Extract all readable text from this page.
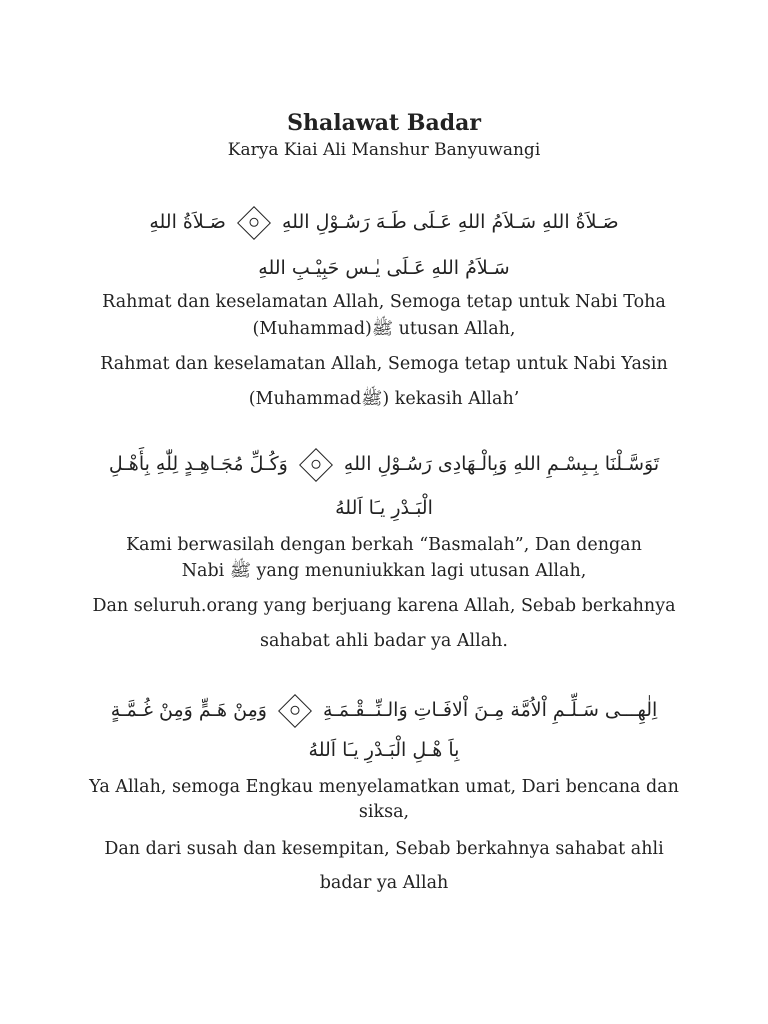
Shalawat Badar

Karya Kiai Ali Manshur Banyuwangi

صَـلاَةُ اللهِ سَـلاَمُ اللهِ عَـلَى طَـهَ رَسُـوْلِ اللهِ  صَـلاَةُ اللهِ
سَـلاَمُ اللهِ عَـلَى يٰـس حَبِيْـبِ اللهِ

Rahmat dan keselamatan Allah, Semoga tetap untuk Nabi Toha

(Muhammad)ﷺ utusan Allah,

Rahmat dan keselamatan Allah, Semoga tetap untuk Nabi Yasin

(Muhammadﷺ) kekasih Allah’

تَوَسَّـلْنَا بِـبِسْـمِ اللهِ وَبِالْـهَادِى رَسُـوْلِ اللهِ  وَكُـلِّ مُجَـاهِـدٍ لِلّٰهِ بِأَهْـلِ
الْبَـدْرِ يـَا اَللهُ

Kami berwasilah dengan berkah “Basmalah”, Dan dengan

Nabi ﷺ yang menuniukkan lagi utusan Allah,

Dan seluruh.orang yang berjuang karena Allah, Sebab berkahnya

sahabat ahli badar ya Allah.

اِلٰهِـــى سَـلِّـمِ اْلاُمَّة مِـنَ اْلافَـاتِ وَالـنِّــقْـمَـةِ  وَمِنْ هَـمٍّ وَمِنْ غُـمَّـةٍ
بِاَ هْـلِ الْبَـدْرِ يـَا اَللهُ

Ya Allah, semoga Engkau menyelamatkan umat, Dari bencana dan

siksa,

Dan dari susah dan kesempitan, Sebab berkahnya sahabat ahli

badar ya Allah
